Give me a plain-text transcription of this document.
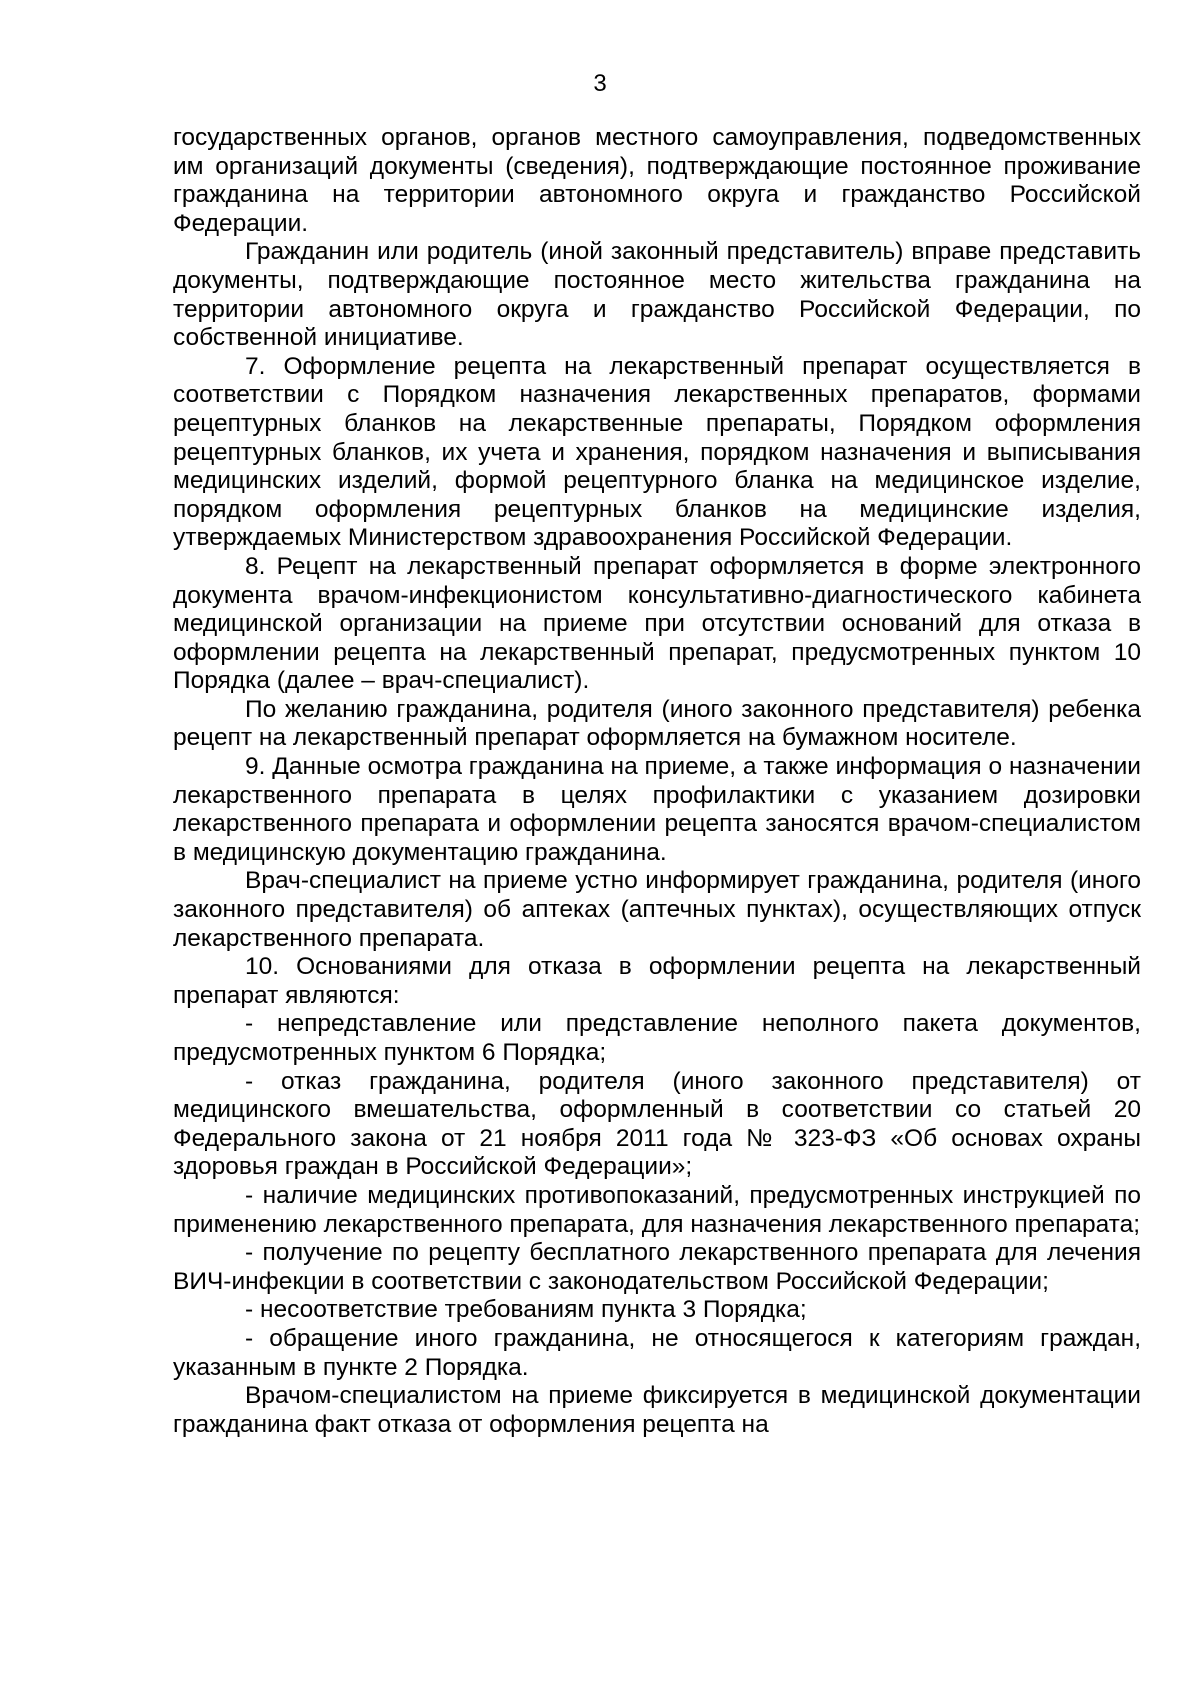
3

государственных органов, органов местного самоуправления, подведомственных им организаций документы (сведения), подтверждающие постоянное проживание гражданина на территории автономного округа и гражданство Российской Федерации.

Гражданин или родитель (иной законный представитель) вправе представить документы, подтверждающие постоянное место жительства гражданина на территории автономного округа и гражданство Российской Федерации, по собственной инициативе.

7. Оформление рецепта на лекарственный препарат осуществляется в соответствии с Порядком назначения лекарственных препаратов, формами рецептурных бланков на лекарственные препараты, Порядком оформления рецептурных бланков, их учета и хранения, порядком назначения и выписывания медицинских изделий, формой рецептурного бланка на медицинское изделие, порядком оформления рецептурных бланков на медицинские изделия, утверждаемых Министерством здравоохранения Российской Федерации.

8. Рецепт на лекарственный препарат оформляется в форме электронного документа врачом-инфекционистом консультативно-диагностического кабинета медицинской организации на приеме при отсутствии оснований для отказа в оформлении рецепта на лекарственный препарат, предусмотренных пунктом 10 Порядка (далее – врач-специалист).

По желанию гражданина, родителя (иного законного представителя) ребенка рецепт на лекарственный препарат оформляется на бумажном носителе.

9. Данные осмотра гражданина на приеме, а также информация о назначении лекарственного препарата в целях профилактики с указанием дозировки лекарственного препарата и оформлении рецепта заносятся врачом-специалистом в медицинскую документацию гражданина.

Врач-специалист на приеме устно информирует гражданина, родителя (иного законного представителя) об аптеках (аптечных пунктах), осуществляющих отпуск лекарственного препарата.

10. Основаниями для отказа в оформлении рецепта на лекарственный препарат являются:

- непредставление или представление неполного пакета документов, предусмотренных пунктом 6 Порядка;

- отказ гражданина, родителя (иного законного представителя) от медицинского вмешательства, оформленный в соответствии со статьей 20 Федерального закона от 21 ноября 2011 года № 323-ФЗ «Об основах охраны здоровья граждан в Российской Федерации»;

- наличие медицинских противопоказаний, предусмотренных инструкцией по применению лекарственного препарата, для назначения лекарственного препарата;

- получение по рецепту бесплатного лекарственного препарата для лечения ВИЧ-инфекции в соответствии с законодательством Российской Федерации;

- несоответствие требованиям пункта 3 Порядка;

- обращение иного гражданина, не относящегося к категориям граждан, указанным в пункте 2 Порядка.

Врачом-специалистом на приеме фиксируется в медицинской документации гражданина факт отказа от оформления рецепта на
